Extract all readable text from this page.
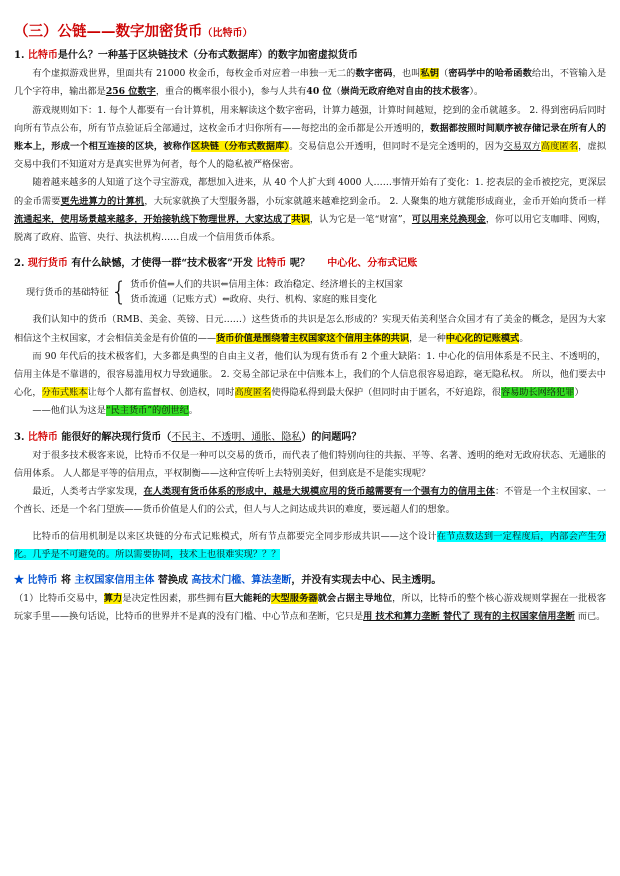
（三）公链——数字加密货币（比特币）

1. 比特币是什么？一种基于区块链技术（分布式数据库）的数字加密虚拟货币

有个虚拟游戏世界，里面共有 21000 枚金币，每枚金币对应着一串独一无二的数字密码，也叫私钥（密码学中的哈希函数给出，不管输入是几个字符串，输出都是256 位数字，重合的概率很小很小)，参与人共有40 位（崇尚无政府绝对自由的技术极客）。

游戏规则如下：1. 每个人都要有一台计算机，用来解读这个数字密码，计算力越强，计算时间越短，挖到的金币就越多。 2. 得到密码后同时向所有节点公布，所有节点验证后全部通过，这枚金币才归你所有——每挖出的金币都是公开透明的，数据都按照时间顺序被存储记录在所有人的账本上，形成一个相互连接的区块，被称作区块链（分布式数据库）。交易信息公开透明，但同时不是完全透明的，因为交易双方高度匿名，虚拟交易中我们不知道对方是真实世界为何者，每个人的隐私被严格保密。

随着越来越多的人知道了这个寻宝游戏，都想加入进来，从 40 个人扩大到 4000 人……事情开始有了变化：1. 挖表层的金币被挖完，更深层的金币需要更先进算力的计算机，大玩家就换了大型服务器，小玩家就越来越难挖到金币。 2. 人聚集的地方就能形成商业，金币开始向货币一样流通起来，使用场景越来越多，开始接轨线下物理世界，大家达成了共识，认为它是一笔“财富”，可以用来兑换现金，你可以用它支咖啡、网购，脱离了政府、监管、央行、执法机构……自成一个信用货币体系。

2. 现行货币 有什么缺憾，才使得一群“技术极客”开发 比特币 呢？ 中心化、分布式记账

现行货币的基础特征 { 货币价值⇐人们的共识⇐信用主体：政治稳定、经济增长的主权国家
货币流通（记账方式）⇐政府、央行、机构、家庭的账目变化

我们认知中的货币（RMB、美金、英镑、日元……）这些货币的共识是怎么形成的？实现天佑美利坚合众国才有了美金的概念，是因为大家相信这个主权国家，才会相信美金是有价值的——货币价值是围绕着主权国家这个信用主体的共识，是一种中心化的记账模式。

而 90 年代后的技术极客们，大多都是典型的自由主义者，他们认为现有货币有 2 个重大缺陷：1. 中心化的信用体系是不民主、不透明的，信用主体是不靠谱的，很容易滥用权力导致通胀。 2. 交易全部记录在中信账本上，我们的个人信息很容易追踪，毫无隐私权。 所以，他们要去中心化，分布式账本让每个人都有监督权、创造权，同时高度匿名使得隐私得到最大保护（但同时由于匿名，不好追踪，很容易助长网络犯罪）

——他们认为这是“民主货币”的创世纪。

3. 比特币 能很好的解决现行货币（不民主、不透明、通胀、隐私）的问题吗？

对于很多技术极客来说，比特币不仅是一种可以交易的货币，而代表了他们特别向往的共振、平等、名著、透明的绝对无政府状态、无通胀的信用体系。 人人都是平等的信用点，平权制衡——这种宣传听上去特别美好，但到底是不是能实现呢？

最近，人类考古学家发现，在人类现有货币体系的形成中，越是大规模应用的货币越需要有一个强有力的信用主体：不管是一个主权国家、一个酋长、还是一个名门望族——货币价值是人们的公式，但人与人之间达成共识的难度，要远超人们的想象。

比特币的信用机制是以来区块链的分布式记账模式，所有节点都要完全同步形成共识——这个设计在节点数达到一定程度后，内部会产生分化。几乎是不可避免的。所以需要协同，技术上也很难实现？？？

★ 比特币 将 主权国家信用主体 替换成 高技术门槛、算法垄断，并没有实现去中心、民主透明。

（1）比特币交易中，算力是决定性因素，那些拥有巨大能耗的大型服务器就会占据主导地位，所以，比特币的整个核心游戏规则掌握在一批极客玩家手里——换句话说，比特币的世界并不是真的没有门槛、中心节点和垄断，它只是用 技术和算力垄断 替代了 现有的主权国家信用垄断 而已。
